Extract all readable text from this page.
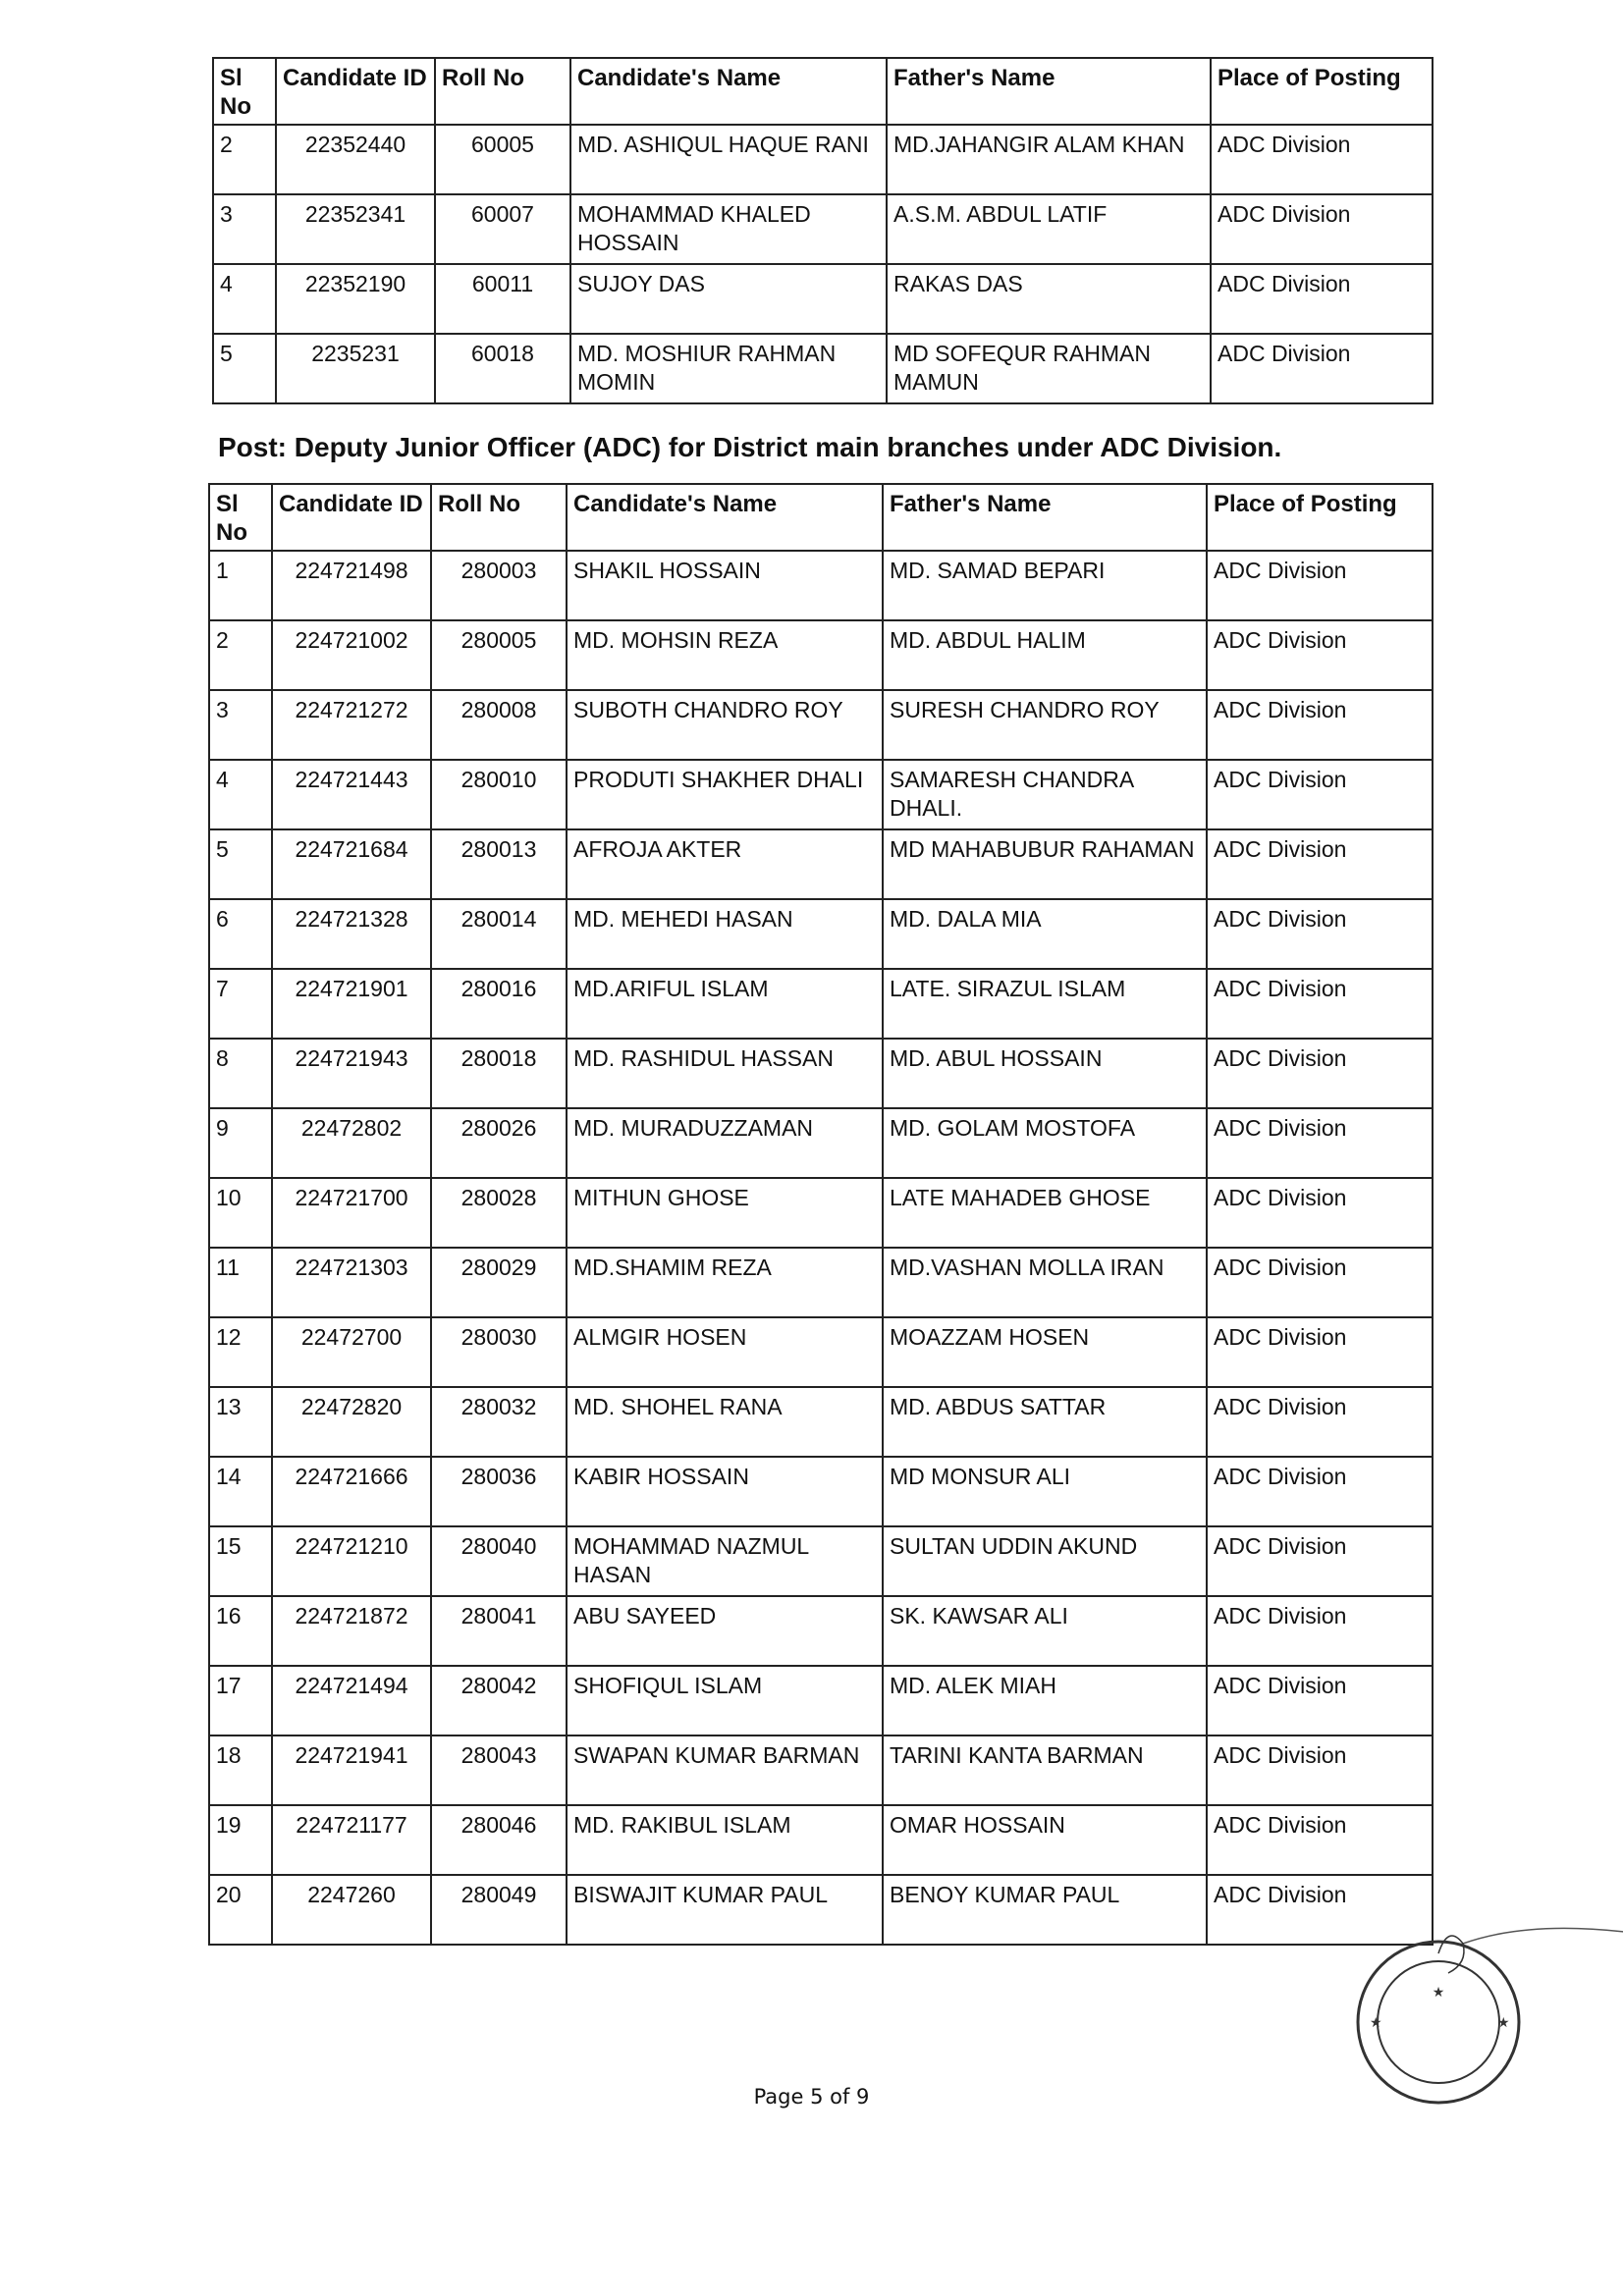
Sl No	Candidate ID	Roll No	Candidate's Name	Father's Name	Place of Posting
2	22352440	60005	MD. ASHIQUL HAQUE RANI	MD.JAHANGIR ALAM KHAN	ADC Division
3	22352341	60007	MOHAMMAD KHALED HOSSAIN	A.S.M. ABDUL LATIF	ADC Division
4	22352190	60011	SUJOY DAS	RAKAS DAS	ADC Division
5	2235231	60018	MD. MOSHIUR RAHMAN MOMIN	MD SOFEQUR RAHMAN MAMUN	ADC Division
Post: Deputy Junior Officer (ADC) for District main branches under ADC Division.
Sl No	Candidate ID	Roll No	Candidate's Name	Father's Name	Place of Posting
1	224721498	280003	SHAKIL HOSSAIN	MD. SAMAD BEPARI	ADC Division
2	224721002	280005	MD. MOHSIN REZA	MD. ABDUL HALIM	ADC Division
3	224721272	280008	SUBOTH CHANDRO ROY	SURESH CHANDRO ROY	ADC Division
4	224721443	280010	PRODUTI SHAKHER DHALI	SAMARESH CHANDRA DHALI.	ADC Division
5	224721684	280013	AFROJA AKTER	MD MAHABUBUR RAHAMAN	ADC Division
6	224721328	280014	MD. MEHEDI HASAN	MD. DALA MIA	ADC Division
7	224721901	280016	MD.ARIFUL ISLAM	LATE. SIRAZUL ISLAM	ADC Division
8	224721943	280018	MD. RASHIDUL HASSAN	MD. ABUL HOSSAIN	ADC Division
9	22472802	280026	MD. MURADUZZAMAN	MD. GOLAM MOSTOFA	ADC Division
10	224721700	280028	MITHUN GHOSE	LATE MAHADEB GHOSE	ADC Division
11	224721303	280029	MD.SHAMIM REZA	MD.VASHAN MOLLA IRAN	ADC Division
12	22472700	280030	ALMGIR HOSEN	MOAZZAM HOSEN	ADC Division
13	22472820	280032	MD. SHOHEL RANA	MD. ABDUS SATTAR	ADC Division
14	224721666	280036	KABIR HOSSAIN	MD MONSUR ALI	ADC Division
15	224721210	280040	MOHAMMAD NAZMUL HASAN	SULTAN UDDIN AKUND	ADC Division
16	224721872	280041	ABU SAYEED	SK. KAWSAR ALI	ADC Division
17	224721494	280042	SHOFIQUL ISLAM	MD. ALEK MIAH	ADC Division
18	224721941	280043	SWAPAN KUMAR BARMAN	TARINI KANTA BARMAN	ADC Division
19	224721177	280046	MD. RAKIBUL ISLAM	OMAR HOSSAIN	ADC Division
20	2247260	280049	BISWAJIT KUMAR PAUL	BENOY KUMAR PAUL	ADC Division
Page 5 of 9
★
★	★
